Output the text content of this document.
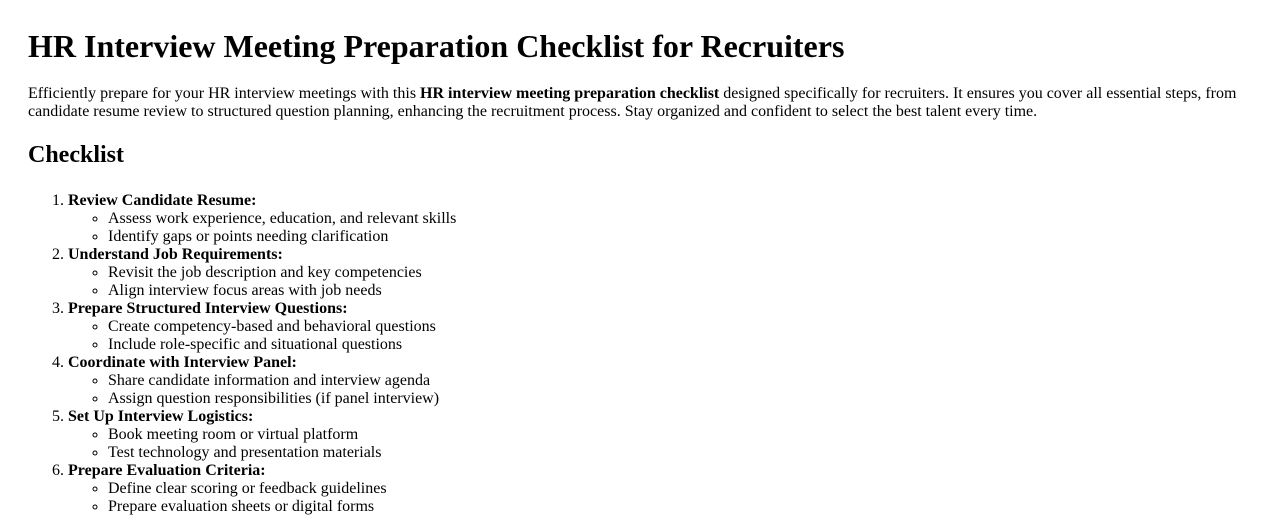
HR Interview Meeting Preparation Checklist for Recruiters

Efficiently prepare for your HR interview meetings with this HR interview meeting preparation checklist designed specifically for recruiters. It ensures you cover all essential steps, from candidate resume review to structured question planning, enhancing the recruitment process. Stay organized and confident to select the best talent every time.

Checklist
1. Review Candidate Resume:
◦ Assess work experience, education, and relevant skills
◦ Identify gaps or points needing clarification
2. Understand Job Requirements:
◦ Revisit the job description and key competencies
◦ Align interview focus areas with job needs
3. Prepare Structured Interview Questions:
◦ Create competency-based and behavioral questions
◦ Include role-specific and situational questions
4. Coordinate with Interview Panel:
◦ Share candidate information and interview agenda
◦ Assign question responsibilities (if panel interview)
5. Set Up Interview Logistics:
◦ Book meeting room or virtual platform
◦ Test technology and presentation materials
6. Prepare Evaluation Criteria:
◦ Define clear scoring or feedback guidelines
◦ Prepare evaluation sheets or digital forms
